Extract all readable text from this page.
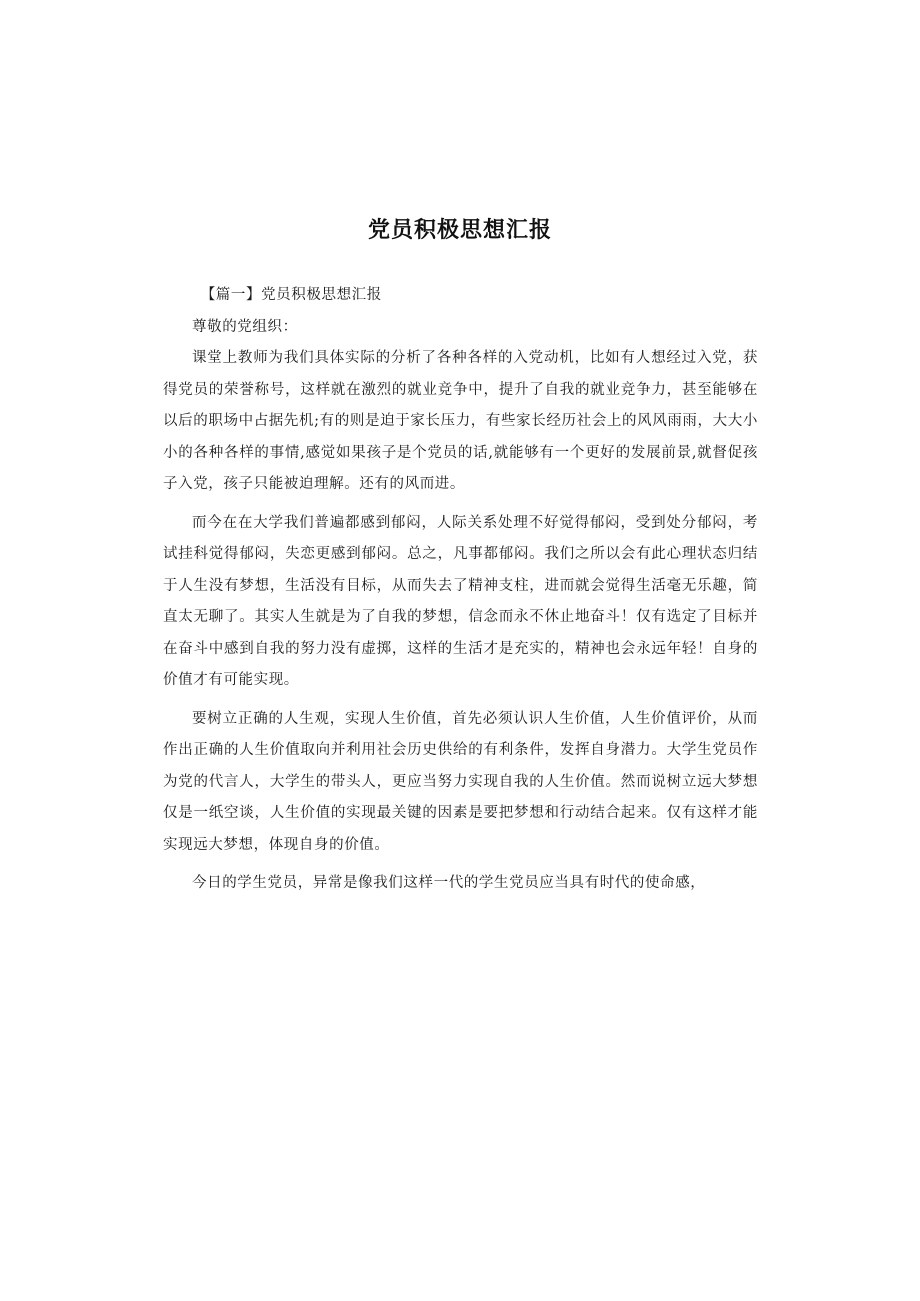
党员积极思想汇报

【篇一】党员积极思想汇报

尊敬的党组织：

课堂上教师为我们具体实际的分析了各种各样的入党动机，比如有人想经过入党，获得党员的荣誉称号，这样就在激烈的就业竞争中，提升了自我的就业竞争力，甚至能够在以后的职场中占据先机;有的则是迫于家长压力，有些家长经历社会上的风风雨雨，大大小小的各种各样的事情,感觉如果孩子是个党员的话,就能够有一个更好的发展前景,就督促孩子入党，孩子只能被迫理解。还有的风而进。

而今在在大学我们普遍都感到郁闷，人际关系处理不好觉得郁闷，受到处分郁闷，考试挂科觉得郁闷，失恋更感到郁闷。总之，凡事都郁闷。我们之所以会有此心理状态归结于人生没有梦想，生活没有目标，从而失去了精神支柱，进而就会觉得生活毫无乐趣，简直太无聊了。其实人生就是为了自我的梦想，信念而永不休止地奋斗！仅有选定了目标并在奋斗中感到自我的努力没有虚掷，这样的生活才是充实的，精神也会永远年轻！自身的价值才有可能实现。

要树立正确的人生观，实现人生价值，首先必须认识人生价值，人生价值评价，从而作出正确的人生价值取向并利用社会历史供给的有利条件，发挥自身潜力。大学生党员作为党的代言人，大学生的带头人，更应当努力实现自我的人生价值。然而说树立远大梦想仅是一纸空谈，人生价值的实现最关键的因素是要把梦想和行动结合起来。仅有这样才能实现远大梦想，体现自身的价值。

今日的学生党员，异常是像我们这样一代的学生党员应当具有时代的使命感，
